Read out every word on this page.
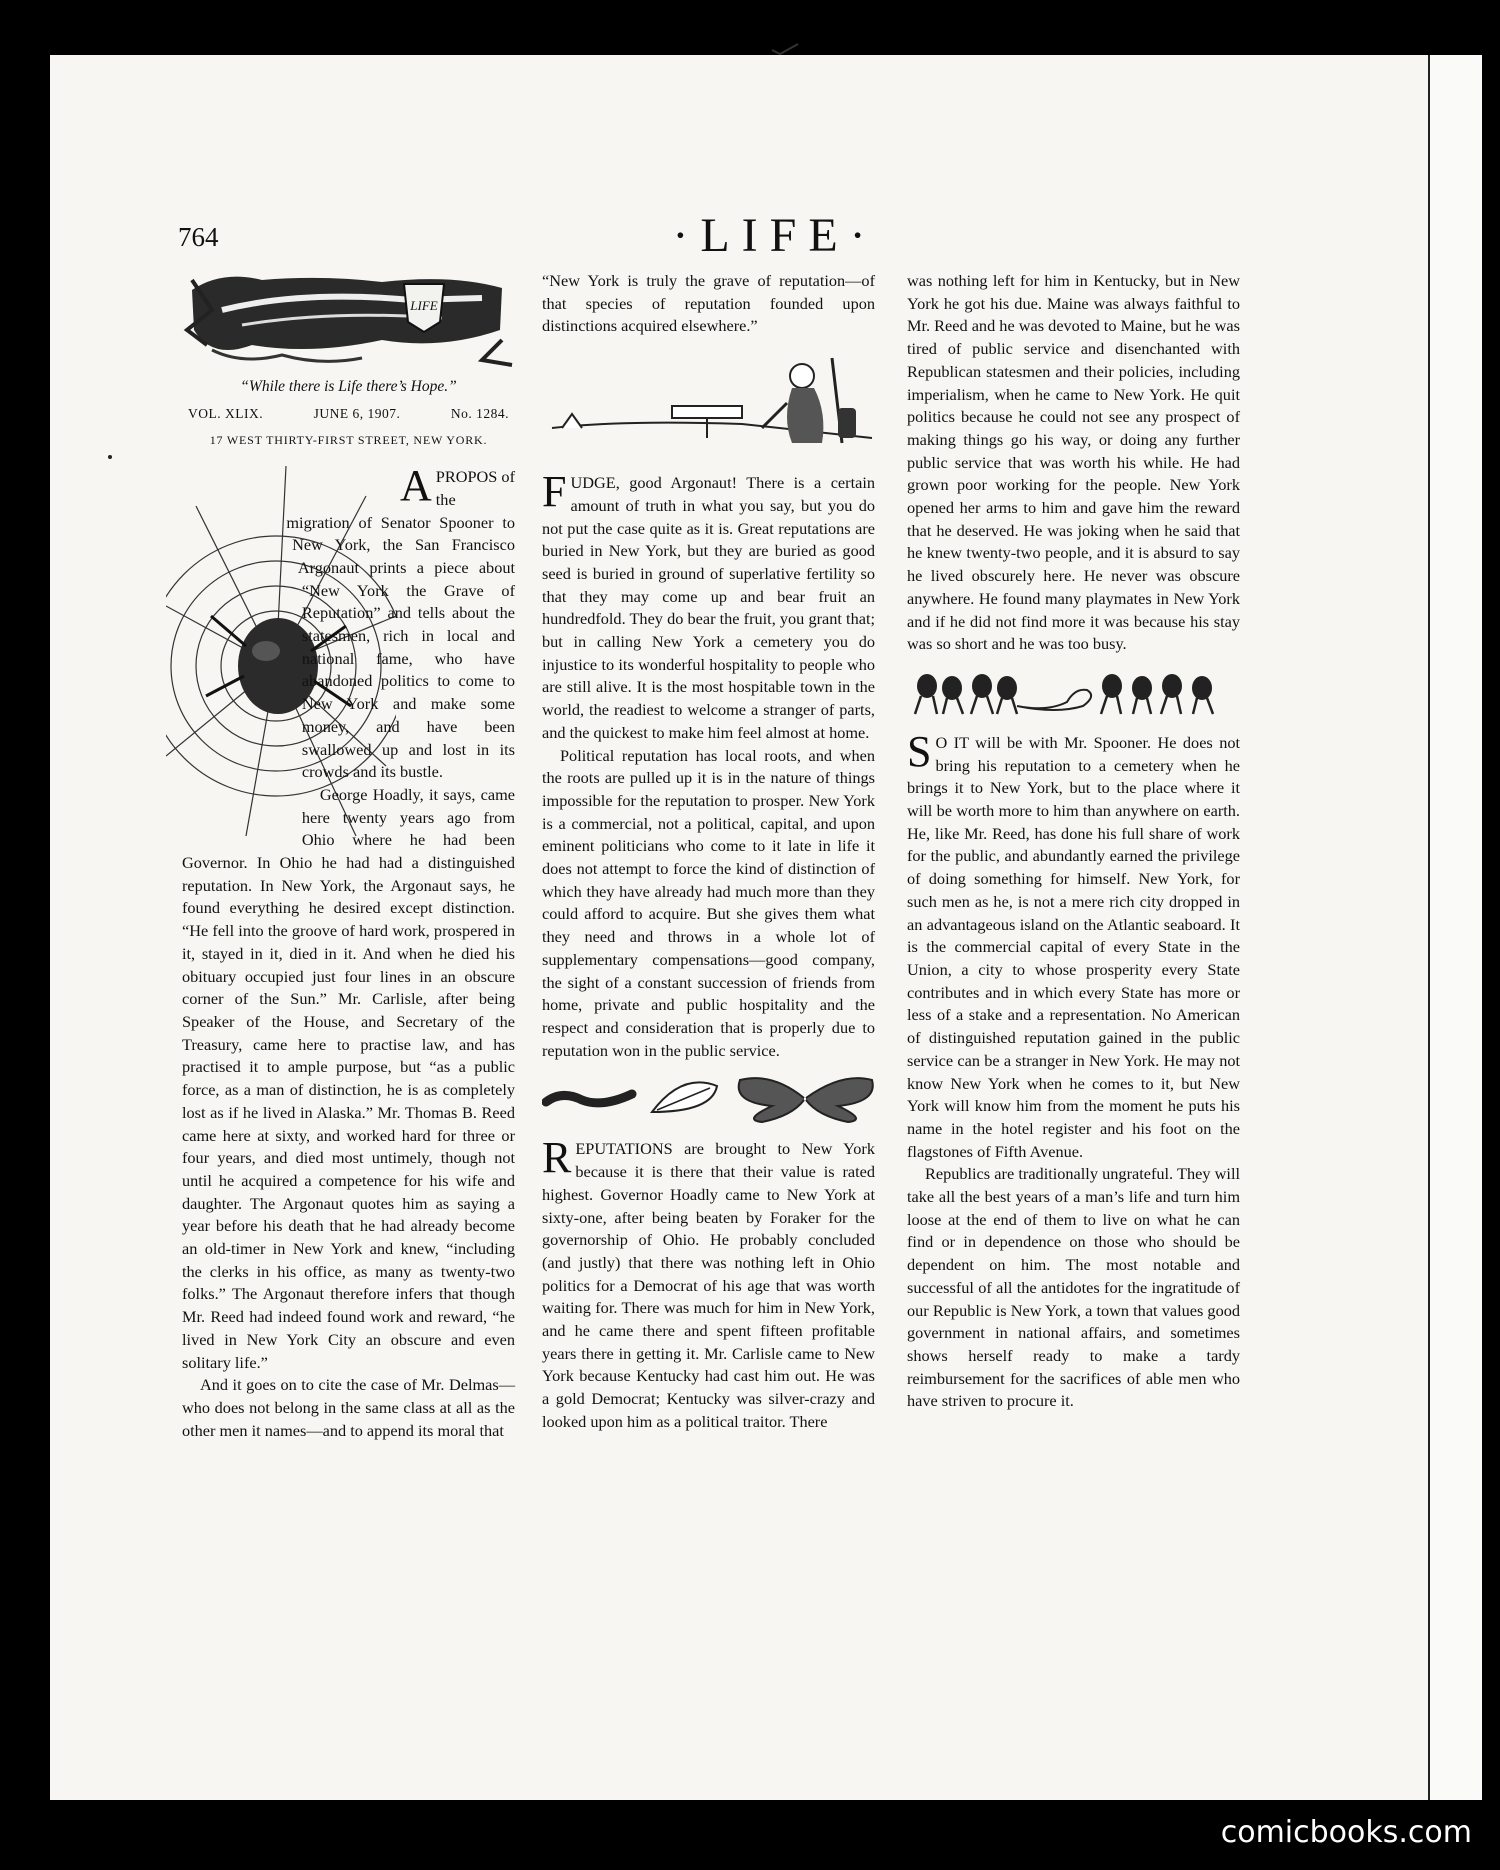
764	·LIFE·
LIFE
“While there is Life there’s Hope.”
VOL. XLIX.	JUNE 6, 1907.	No. 1284.
17 WEST THIRTY-FIRST STREET, NEW YORK.

APROPOS of the migration of Senator Spooner to New York, the San Francisco Argonaut prints a piece about “New York the Grave of Reputation” and tells about the statesmen, rich in local and national fame, who have abandoned politics to come to New York and make some money, and have been swallowed up and lost in its crowds and its bustle.

George Hoadly, it says, came here twenty years ago from Ohio where he had been Governor. In Ohio he had had a distinguished reputation. In New York, the Argonaut says, he found everything he desired except distinction. “He fell into the groove of hard work, prospered in it, stayed in it, died in it. And when he died his obituary occupied just four lines in an obscure corner of the Sun.” Mr. Carlisle, after being Speaker of the House, and Secretary of the Treasury, came here to practise law, and has practised it to ample purpose, but “as a public force, as a man of distinction, he is as completely lost as if he lived in Alaska.” Mr. Thomas B. Reed came here at sixty, and worked hard for three or four years, and died most untimely, though not until he acquired a competence for his wife and daughter. The Argonaut quotes him as saying a year before his death that he had already become an old-timer in New York and knew, “including the clerks in his office, as many as twenty-two folks.” The Argonaut therefore infers that though Mr. Reed had indeed found work and reward, “he lived in New York City an obscure and even solitary life.”

And it goes on to cite the case of Mr. Delmas—who does not belong in the same class at all as the other men it names—and to append its moral that

“New York is truly the grave of reputation—of that species of reputation founded upon distinctions acquired elsewhere.”

FUDGE, good Argonaut! There is a certain amount of truth in what you say, but you do not put the case quite as it is. Great reputations are buried in New York, but they are buried as good seed is buried in ground of superlative fertility so that they may come up and bear fruit an hundredfold. They do bear the fruit, you grant that; but in calling New York a cemetery you do injustice to its wonderful hospitality to people who are still alive. It is the most hospitable town in the world, the readiest to welcome a stranger of parts, and the quickest to make him feel almost at home.

Political reputation has local roots, and when the roots are pulled up it is in the nature of things impossible for the reputation to prosper. New York is a commercial, not a political, capital, and upon eminent politicians who come to it late in life it does not attempt to force the kind of distinction of which they have already had much more than they could afford to acquire. But she gives them what they need and throws in a whole lot of supplementary compensations—good company, the sight of a constant succession of friends from home, private and public hospitality and the respect and consideration that is properly due to reputation won in the public service.

REPUTATIONS are brought to New York because it is there that their value is rated highest. Governor Hoadly came to New York at sixty-one, after being beaten by Foraker for the governorship of Ohio. He probably concluded (and justly) that there was nothing left in Ohio politics for a Democrat of his age that was worth waiting for. There was much for him in New York, and he came there and spent fifteen profitable years there in getting it. Mr. Carlisle came to New York because Kentucky had cast him out. He was a gold Democrat; Kentucky was silver-crazy and looked upon him as a political traitor. There

was nothing left for him in Kentucky, but in New York he got his due. Maine was always faithful to Mr. Reed and he was devoted to Maine, but he was tired of public service and disenchanted with Republican statesmen and their policies, including imperialism, when he came to New York. He quit politics because he could not see any prospect of making things go his way, or doing any further public service that was worth his while. He had grown poor working for the people. New York opened her arms to him and gave him the reward that he deserved. He was joking when he said that he knew twenty-two people, and it is absurd to say he lived obscurely here. He never was obscure anywhere. He found many playmates in New York and if he did not find more it was because his stay was so short and he was too busy.

S O IT will be with Mr. Spooner. He does not bring his reputation to a cemetery when he brings it to New York, but to the place where it will be worth more to him than anywhere on earth. He, like Mr. Reed, has done his full share of work for the public, and abundantly earned the privilege of doing something for himself. New York, for such men as he, is not a mere rich city dropped in an advantageous island on the Atlantic seaboard. It is the commercial capital of every State in the Union, a city to whose prosperity every State contributes and in which every State has more or less of a stake and a representation. No American of distinguished reputation gained in the public service can be a stranger in New York. He may not know New York when he comes to it, but New York will know him from the moment he puts his name in the hotel register and his foot on the flagstones of Fifth Avenue.

Republics are traditionally ungrateful. They will take all the best years of a man’s life and turn him loose at the end of them to live on what he can find or in dependence on those who should be dependent on him. The most notable and successful of all the antidotes for the ingratitude of our Republic is New York, a town that values good government in national affairs, and sometimes shows herself ready to make a tardy reimbursement for the sacrifices of able men who have striven to procure it.

comicbooks.com
